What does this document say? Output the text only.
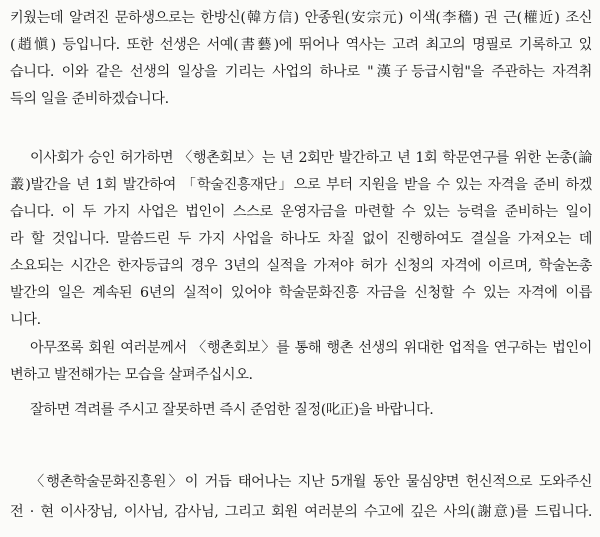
키웠는데 알려진 문하생으로는 한방신(韓方信) 안종원(安宗元) 이색(李穡) 권 근(權近) 조신
(趙愼) 등입니다. 또한 선생은 서예(書藝)에 뛰어나 역사는 고려 최고의 명필로 기록하고 있
습니다. 이와 같은 선생의 일상을 기리는 사업의 하나로 "漢子등급시험"을 주관하는 자격취
득의 일을 준비하겠습니다.
이사회가 승인 허가하면 〈행촌회보〉는 년 2회만 발간하고 년 1회 학문연구를 위한 논총(論
叢)발간을 년 1회 발간하여 「학술진흥재단」으로 부터 지원을 받을 수 있는 자격을 준비 하겠
습니다. 이 두 가지 사업은 법인이 스스로 운영자금을 마련할 수 있는 능력을 준비하는 일이
라 할 것입니다. 말씀드린 두 가지 사업을 하나도 차질 없이 진행하여도 결실을 가져오는 데
소요되는 시간은 한자등급의 경우 3년의 실적을 가져야 허가 신청의 자격에 이르며, 학술논총
발간의 일은 계속된 6년의 실적이 있어야 학술문화진흥 자금을 신청할 수 있는 자격에 이릅
니다.
아무쪼록 회원 여러분께서 〈행촌회보〉를 통해 행촌 선생의 위대한 업적을 연구하는 법인이
변하고 발전해가는 모습을 살펴주십시오.
잘하면 격려를 주시고 잘못하면 즉시 준엄한 질정(叱正)을 바랍니다.
〈행촌학술문화진흥원〉이 거듭 태어나는 지난 5개월 동안 물심양면 헌신적으로 도와주신
전 · 현 이사장님, 이사님, 감사님, 그리고 회원 여러분의 수고에 깊은 사의(謝意)를 드립니다.
